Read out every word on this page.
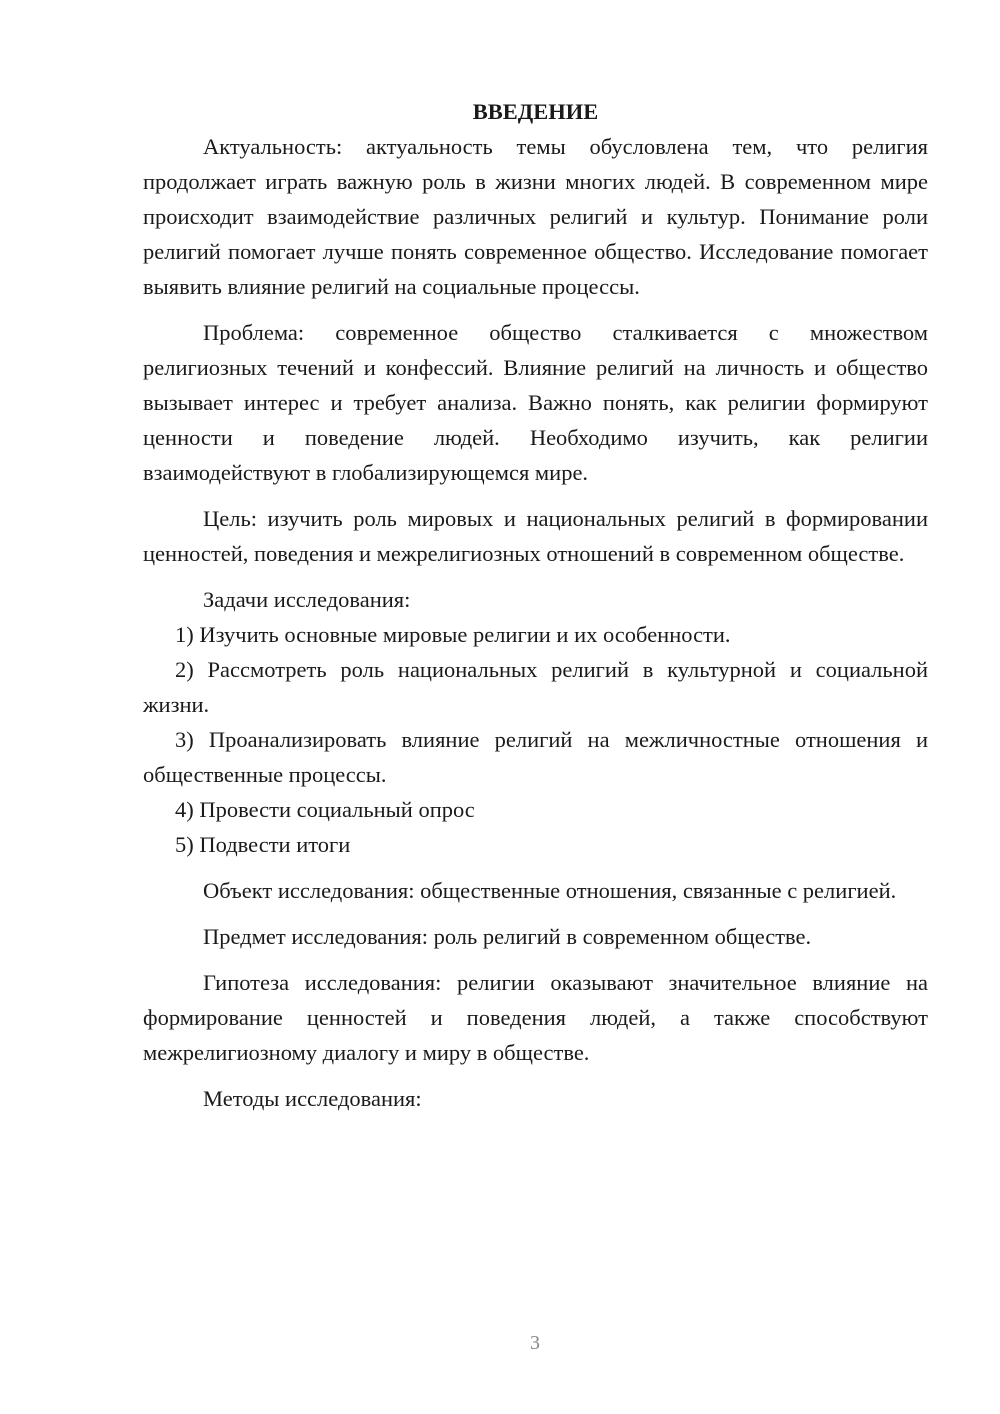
ВВЕДЕНИЕ

Актуальность: актуальность темы обусловлена тем, что религия продолжает играть важную роль в жизни многих людей. В современном мире происходит взаимодействие различных религий и культур. Понимание роли религий помогает лучше понять современное общество. Исследование помогает выявить влияние религий на социальные процессы.

Проблема: современное общество сталкивается с множеством религиозных течений и конфессий. Влияние религий на личность и общество вызывает интерес и требует анализа. Важно понять, как религии формируют ценности и поведение людей. Необходимо изучить, как религии взаимодействуют в глобализирующемся мире.

Цель: изучить роль мировых и национальных религий в формировании ценностей, поведения и межрелигиозных отношений в современном обществе.

Задачи исследования:

1) Изучить основные мировые религии и их особенности.

2) Рассмотреть роль национальных религий в культурной и социальной жизни.

3) Проанализировать влияние религий на межличностные отношения и общественные процессы.

4) Провести социальный опрос

5) Подвести итоги

Объект исследования: общественные отношения, связанные с религией.

Предмет исследования: роль религий в современном обществе.

Гипотеза исследования: религии оказывают значительное влияние на формирование ценностей и поведения людей, а также способствуют межрелигиозному диалогу и миру в обществе.

Методы исследования:

3
